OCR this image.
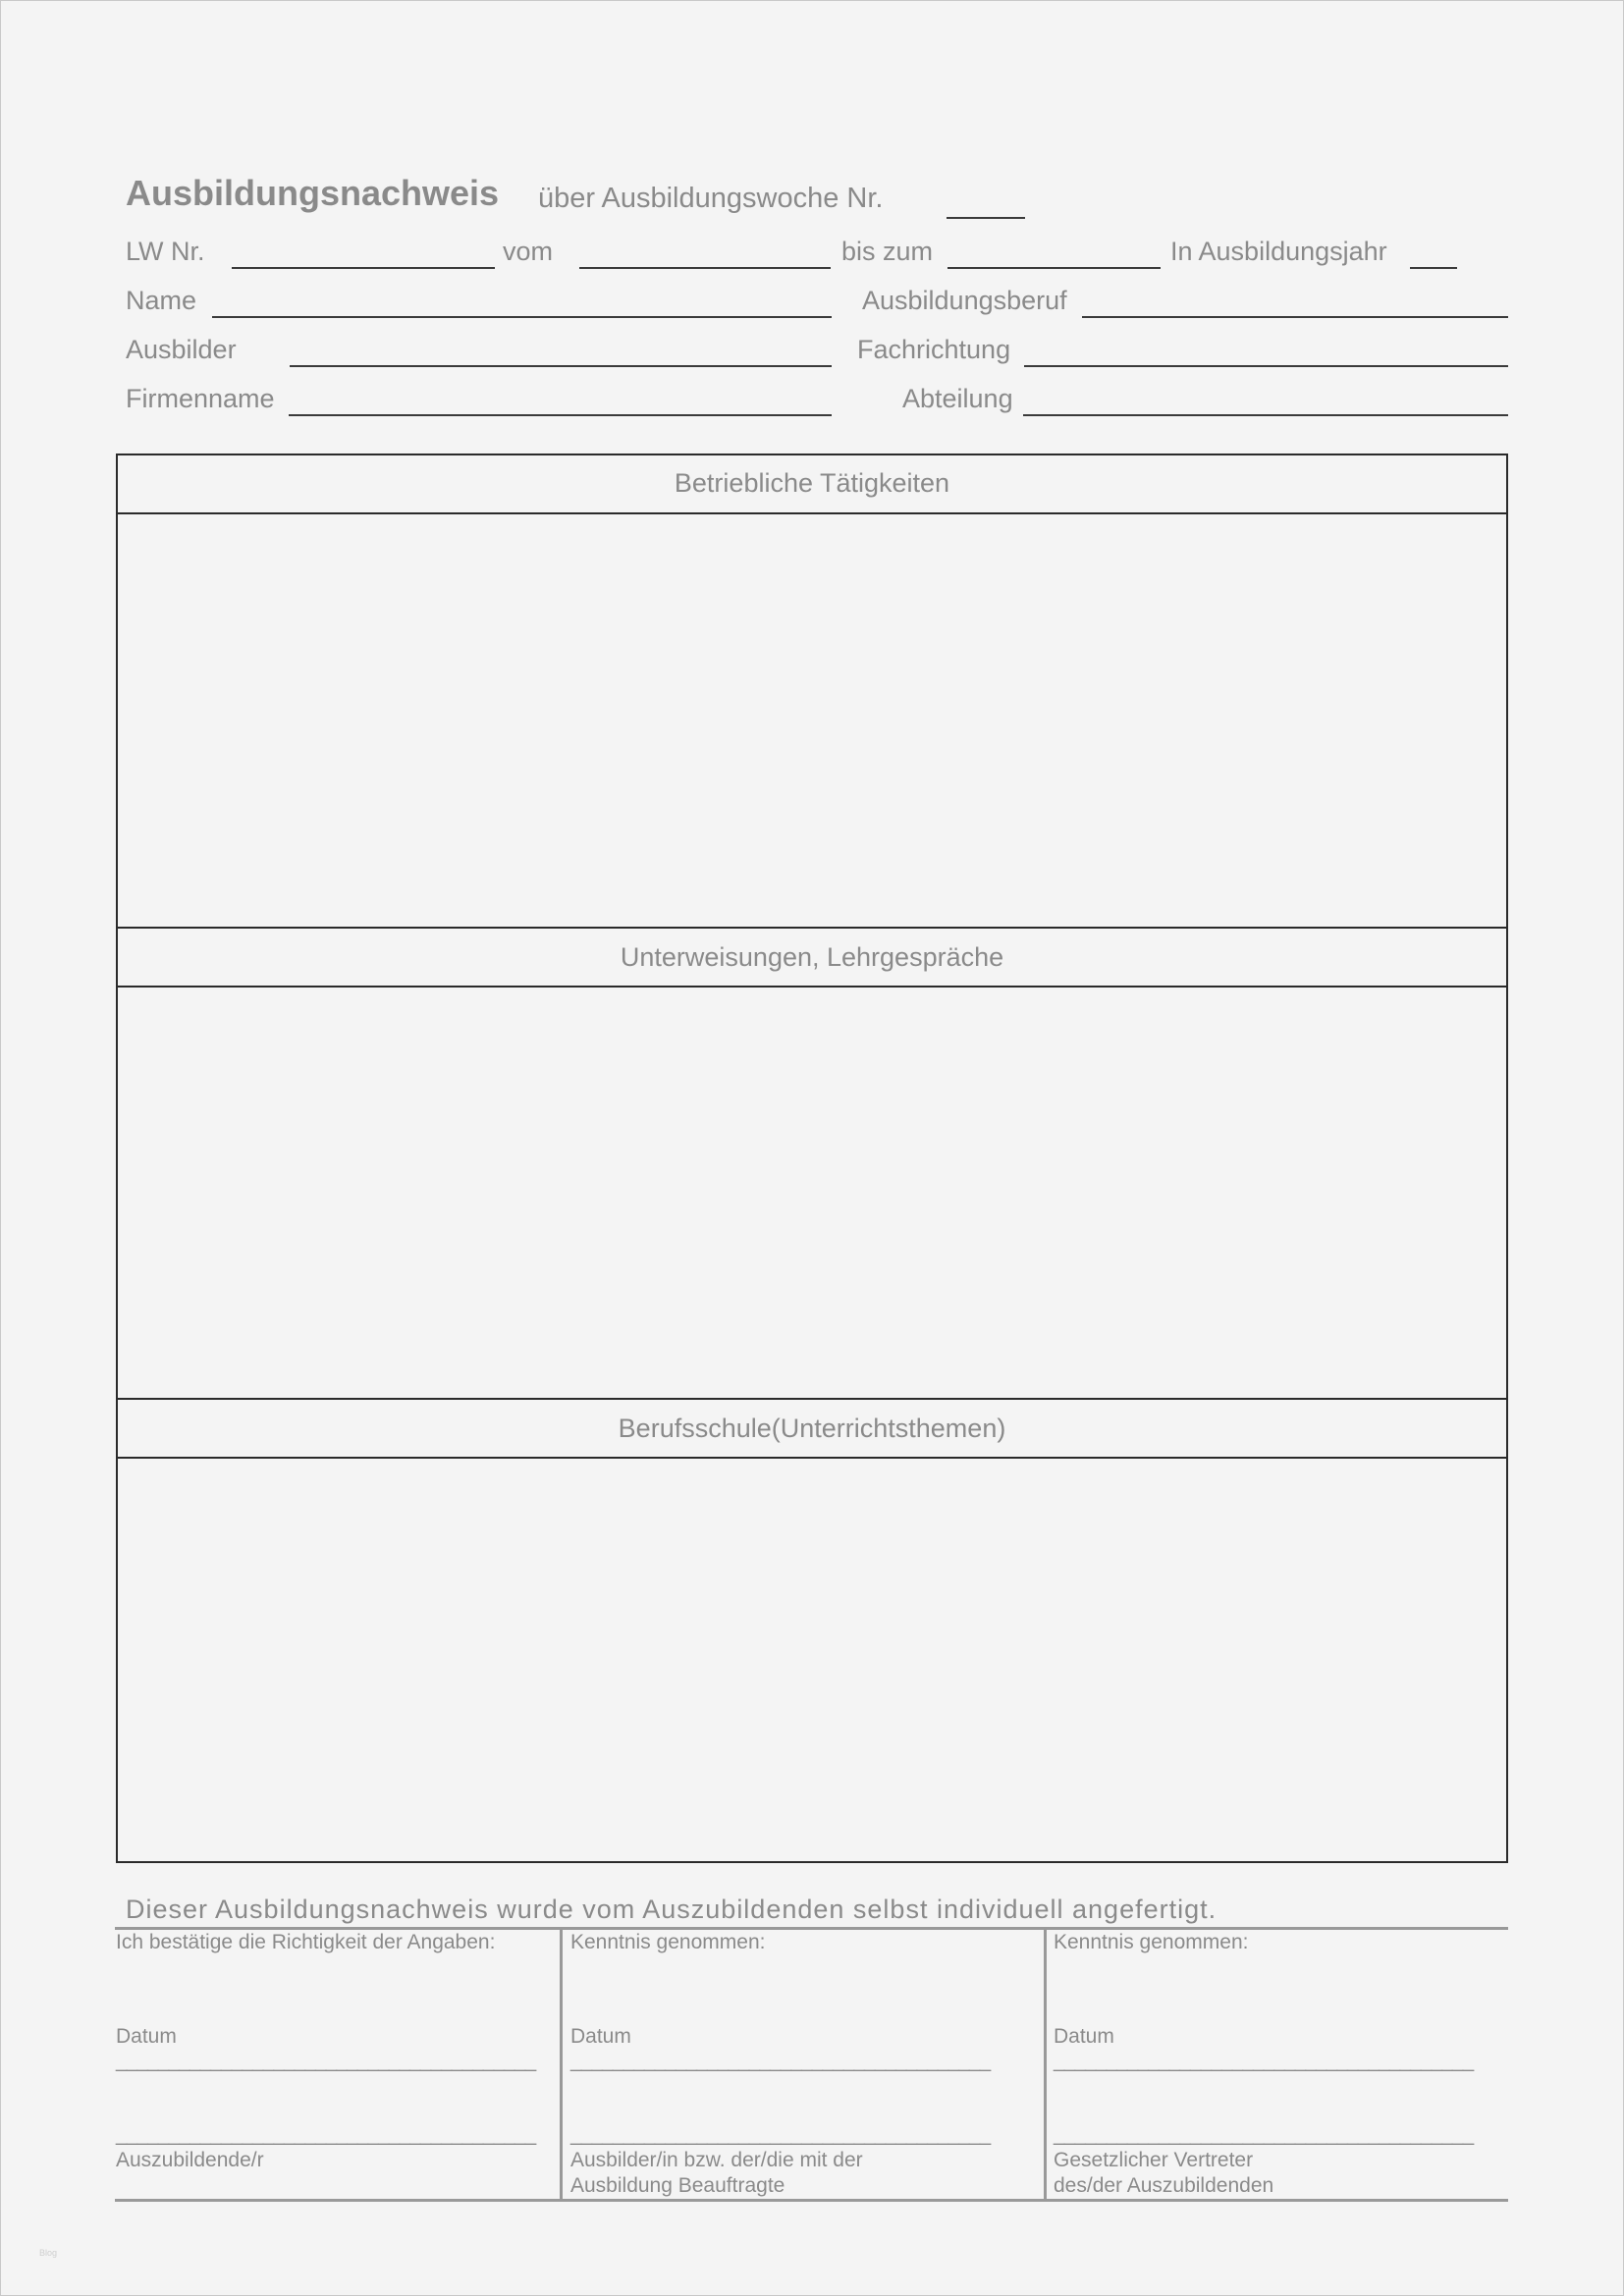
Ausbildungsnachweis über Ausbildungswoche Nr.
LW Nr.	vom	bis zum	In Ausbildungsjahr
Name	Ausbildungsberuf
Ausbilder	Fachrichtung
Firmenname	Abteilung
Betriebliche Tätigkeiten
Unterweisungen, Lehrgespräche
Berufsschule(Unterrichtsthemen)
Dieser Ausbildungsnachweis wurde vom Auszubildenden selbst individuell angefertigt.
Ich bestätige die Richtigkeit der Angaben:
Datum
________________________________________
________________________________________
Auszubildende/r
Kenntnis genommen:
Datum
________________________________________
________________________________________
Ausbilder/in bzw. der/die mit der
Ausbildung Beauftragte
Kenntnis genommen:
Datum
________________________________________
________________________________________
Gesetzlicher Vertreter
des/der Auszubildenden
Blog
